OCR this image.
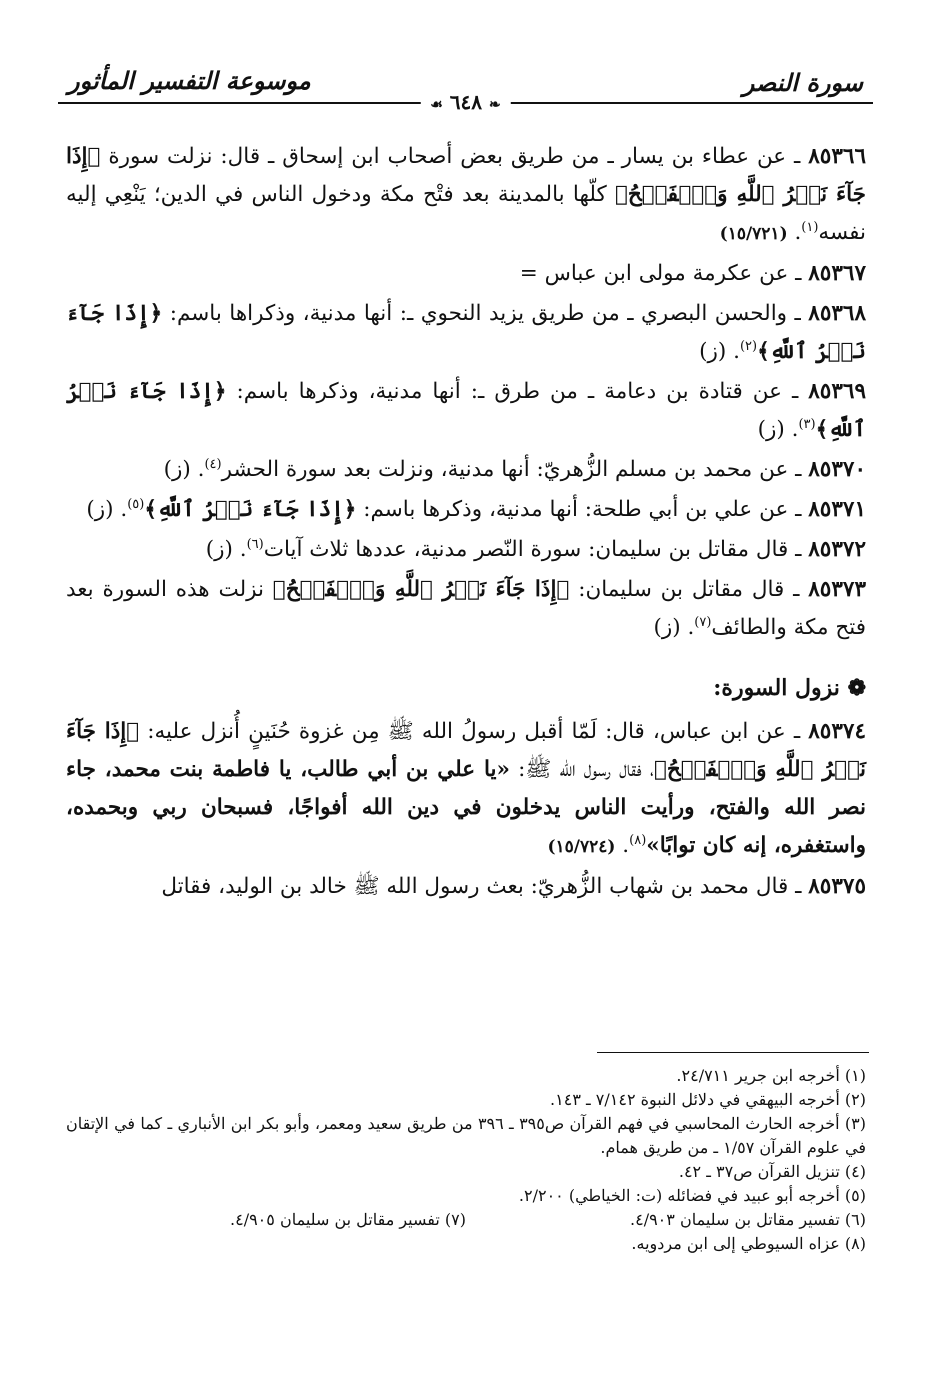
سورة النصر
موسوعة التفسير المأثور
❧ ٦٤٨ ☙

٨٥٣٦٦ ـ عن عطاء بن يسار ـ من طريق بعض أصحاب ابن إسحاق ـ قال: نزلت سورة ﴿إِذَا جَآءَ نَصۡرُ ٱللَّهِ وَٱلۡفَتۡحُ﴾ كلّها بالمدينة بعد فتْح مكة ودخول الناس في الدين؛ يَنْعِي إليه نفسه$^{(١)}$. (١٥/٧٢١)

٨٥٣٦٧ ـ عن عكرمة مولى ابن عباس =

٨٥٣٦٨ ـ والحسن البصري ـ من طريق يزيد النحوي ـ: أنها مدنية، وذكراها باسم: ﴿إِذَا جَآءَ نَصۡرُ ٱللَّهِ﴾$^{(٢)}$. (ز)

٨٥٣٦٩ ـ عن قتادة بن دعامة ـ من طرق ـ: أنها مدنية، وذكرها باسم: ﴿إِذَا جَآءَ نَصۡرُ ٱللَّهِ﴾$^{(٣)}$. (ز)

٨٥٣٧٠ ـ عن محمد بن مسلم الزُّهريّ: أنها مدنية، ونزلت بعد سورة الحشر$^{(٤)}$. (ز)

٨٥٣٧١ ـ عن علي بن أبي طلحة: أنها مدنية، وذكرها باسم: ﴿إِذَا جَآءَ نَصۡرُ ٱللَّهِ﴾$^{(٥)}$. (ز)

٨٥٣٧٢ ـ قال مقاتل بن سليمان: سورة النّصر مدنية، عددها ثلاث آيات$^{(٦)}$. (ز)

٨٥٣٧٣ ـ قال مقاتل بن سليمان: ﴿إِذَا جَآءَ نَصۡرُ ٱللَّهِ وَٱلۡفَتۡحُ﴾ نزلت هذه السورة بعد فتح مكة والطائف$^{(٧)}$. (ز)

❁ نزول السورة:

٨٥٣٧٤ ـ عن ابن عباس، قال: لَمّا أقبل رسولُ الله ﷺ مِن غزوة حُنَينٍ أُنزل عليه: ﴿إِذَا جَآءَ نَصۡرُ ٱللَّهِ وَٱلۡفَتۡحُ﴾، فقال رسول الله ﷺ: «يا علي بن أبي طالب، يا فاطمة بنت محمد، جاء نصر الله والفتح، ورأيت الناس يدخلون في دين الله أفواجًا، فسبحان ربي وبحمده، واستغفره، إنه كان توابًا»$^{(٨)}$. (١٥/٧٢٤)

٨٥٣٧٥ ـ قال محمد بن شهاب الزُّهريّ: بعث رسول الله ﷺ خالد بن الوليد، فقاتل

(١) أخرجه ابن جرير ٢٤/٧١١.

(٢) أخرجه البيهقي في دلائل النبوة ٧/١٤٢ ـ ١٤٣.

(٣) أخرجه الحارث المحاسبي في فهم القرآن ص٣٩٥ ـ ٣٩٦ من طريق سعيد ومعمر، وأبو بكر ابن الأنباري ـ كما في الإتقان في علوم القرآن ١/٥٧ ـ من طريق همام.

(٤) تنزيل القرآن ص٣٧ ـ ٤٢.

(٥) أخرجه أبو عبيد في فضائله (ت: الخياطي) ٢/٢٠٠.

(٦) تفسير مقاتل بن سليمان ٤/٩٠٣.

(٧) تفسير مقاتل بن سليمان ٤/٩٠٥.

(٨) عزاه السيوطي إلى ابن مردويه.
